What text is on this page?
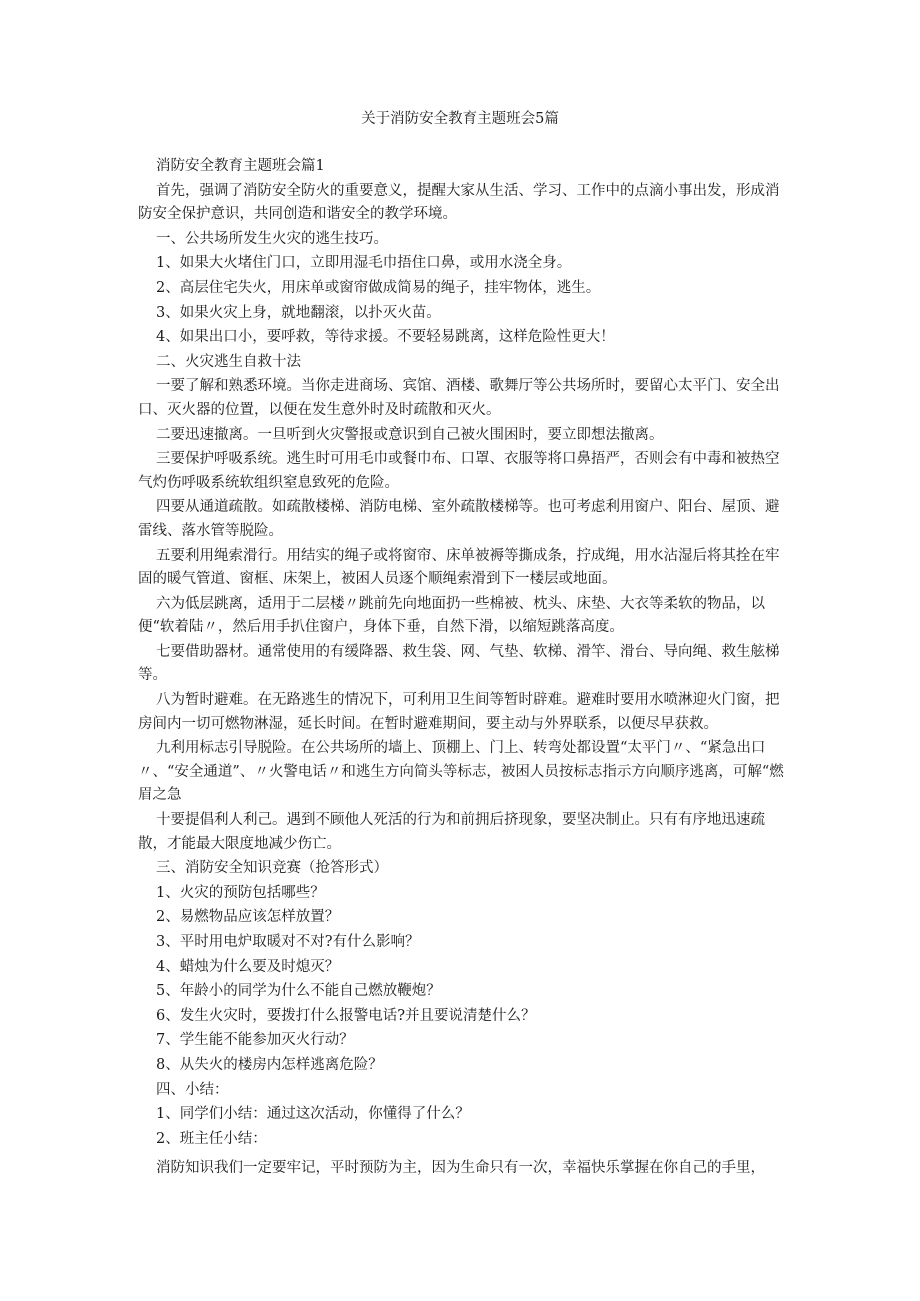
关于消防安全教育主题班会5篇

消防安全教育主题班会篇1

首先，强调了消防安全防火的重要意义，提醒大家从生活、学习、工作中的点滴小事出发，形成消防安全保护意识，共同创造和谐安全的教学环境。

一、公共场所发生火灾的逃生技巧。

1、如果大火堵住门口，立即用湿毛巾捂住口鼻，或用水浇全身。

2、高层住宅失火，用床单或窗帘做成简易的绳子，挂牢物体，逃生。

3、如果火灾上身，就地翻滚，以扑灭火苗。

4、如果出口小，要呼救，等待求援。不要轻易跳离，这样危险性更大！

二、火灾逃生自救十法

一要了解和熟悉环境。当你走进商场、宾馆、酒楼、歌舞厅等公共场所时，要留心太平门、安全出口、灭火器的位置，以便在发生意外时及时疏散和灭火。

二要迅速撤离。一旦听到火灾警报或意识到自己被火围困时，要立即想法撤离。

三要保护呼吸系统。逃生时可用毛巾或餐巾布、口罩、衣服等将口鼻捂严，否则会有中毒和被热空气灼伤呼吸系统软组织窒息致死的危险。

四要从通道疏散。如疏散楼梯、消防电梯、室外疏散楼梯等。也可考虑利用窗户、阳台、屋顶、避雷线、落水管等脱险。

五要利用绳索滑行。用结实的绳子或将窗帘、床单被褥等撕成条，拧成绳，用水沾湿后将其拴在牢固的暖气管道、窗框、床架上，被困人员逐个顺绳索滑到下一楼层或地面。

六为低层跳离，适用于二层楼〃跳前先向地面扔一些棉被、枕头、床垫、大衣等柔软的物品，以便“软着陆〃，然后用手扒住窗户，身体下垂，自然下滑，以缩短跳落高度。

七要借助器材。通常使用的有缓降器、救生袋、网、气垫、软梯、滑竿、滑台、导向绳、救生舷梯等。

八为暂时避难。在无路逃生的情况下，可利用卫生间等暂时辟难。避难时要用水喷淋迎火门窗，把房间内一切可燃物淋湿，延长时间。在暂时避难期间，要主动与外界联系，以便尽早获救。

九利用标志引导脱险。在公共场所的墙上、顶棚上、门上、转弯处都设置“太平门〃、“紧急出口〃、“安全通道”、〃火警电话〃和逃生方向简头等标志，被困人员按标志指示方向顺序逃离，可解“燃眉之急

十要提倡利人利己。遇到不顾他人死活的行为和前拥后挤现象，要坚决制止。只有有序地迅速疏散，才能最大限度地减少伤亡。

三、消防安全知识竞赛（抢答形式）

1、火灾的预防包括哪些？

2、易燃物品应该怎样放置？

3、平时用电炉取暖对不对?有什么影响？

4、蜡烛为什么要及时熄灭？

5、年龄小的同学为什么不能自己燃放鞭炮？

6、发生火灾时，要拨打什么报警电话?并且要说清楚什么？

7、学生能不能参加灭火行动？

8、从失火的楼房内怎样逃离危险？

四、小结：

1、同学们小结：通过这次活动，你懂得了什么？

2、班主任小结：

消防知识我们一定要牢记，平时预防为主，因为生命只有一次，幸福快乐掌握在你自己的手里，
